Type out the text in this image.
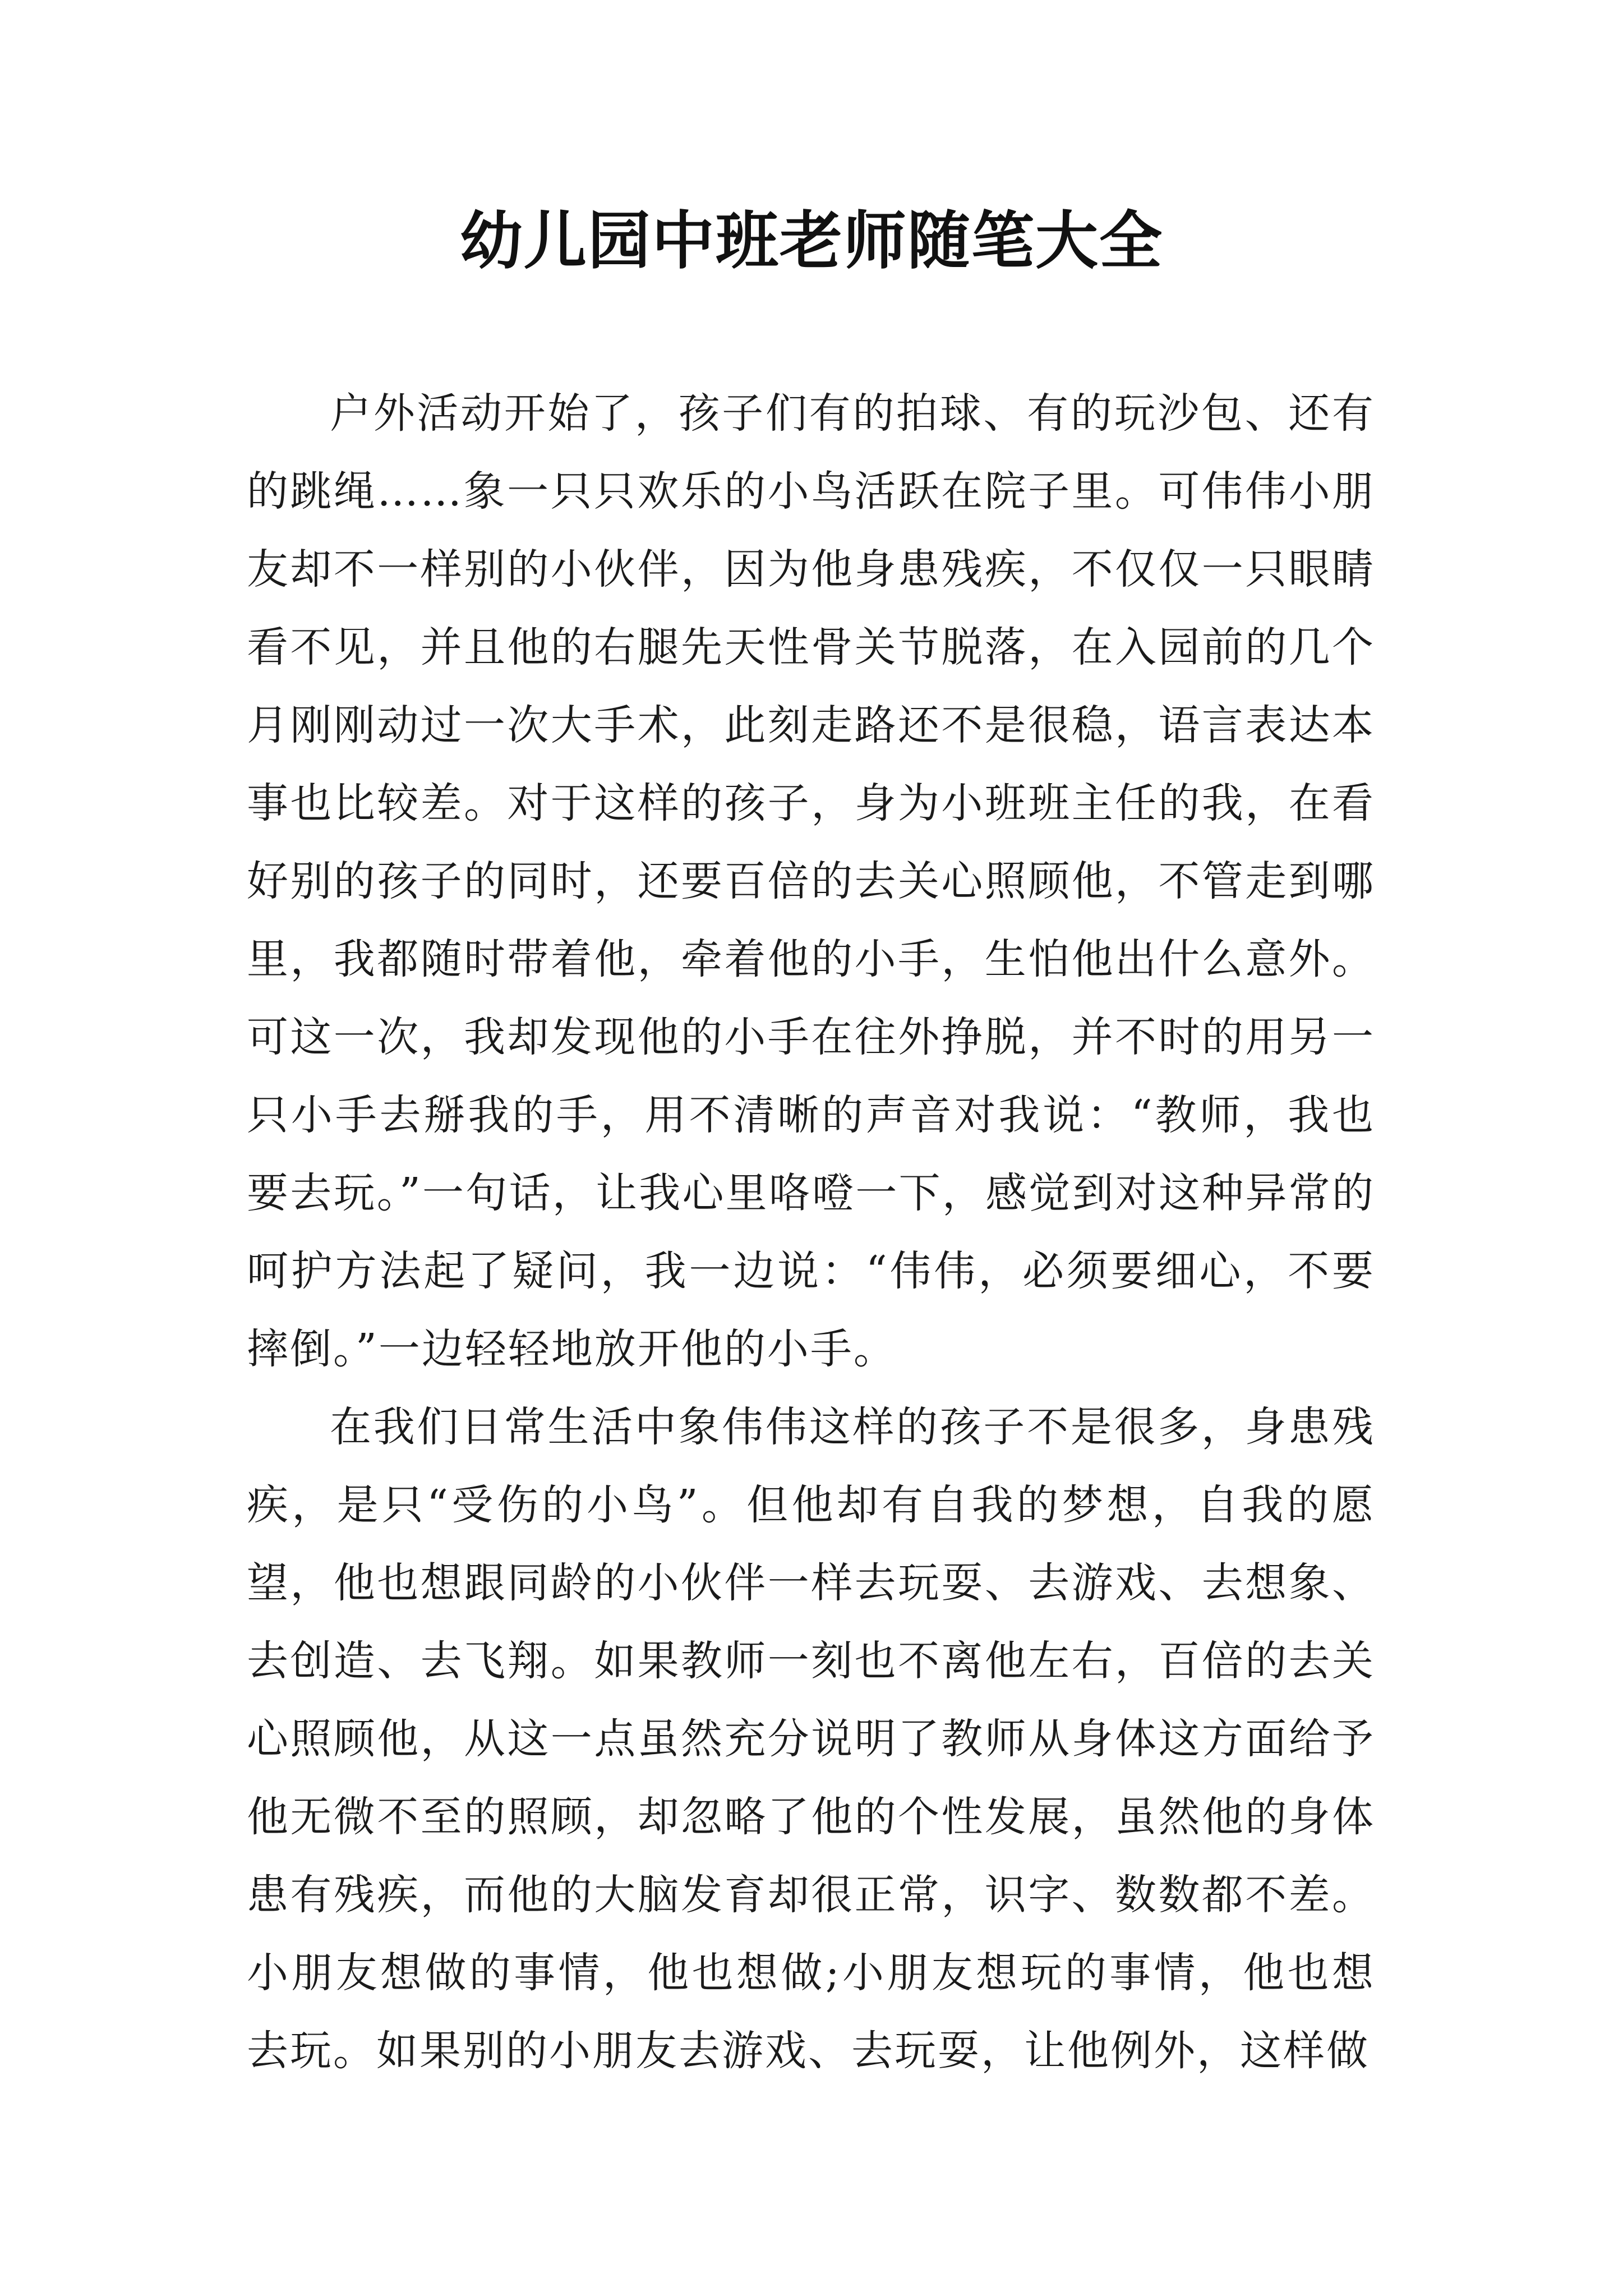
幼儿园中班老师随笔大全

户外活动开始了，孩子们有的拍球、有的玩沙包、还有的跳绳……象一只只欢乐的小鸟活跃在院子里。可伟伟小朋友却不一样别的小伙伴，因为他身患残疾，不仅仅一只眼睛看不见，并且他的右腿先天性骨关节脱落，在入园前的几个月刚刚动过一次大手术，此刻走路还不是很稳，语言表达本事也比较差。对于这样的孩子，身为小班班主任的我，在看好别的孩子的同时，还要百倍的去关心照顾他，不管走到哪里，我都随时带着他，牵着他的小手，生怕他出什么意外。可这一次，我却发现他的小手在往外挣脱，并不时的用另一只小手去掰我的手，用不清晰的声音对我说：“教师，我也要去玩。”一句话，让我心里咯噔一下，感觉到对这种异常的呵护方法起了疑问，我一边说：“伟伟，必须要细心，不要摔倒。”一边轻轻地放开他的小手。

在我们日常生活中象伟伟这样的孩子不是很多，身患残疾，是只“受伤的小鸟”。但他却有自我的梦想，自我的愿望，他也想跟同龄的小伙伴一样去玩耍、去游戏、去想象、去创造、去飞翔。如果教师一刻也不离他左右，百倍的去关心照顾他，从这一点虽然充分说明了教师从身体这方面给予他无微不至的照顾，却忽略了他的个性发展，虽然他的身体患有残疾，而他的大脑发育却很正常，识字、数数都不差。小朋友想做的事情，他也想做;小朋友想玩的事情，他也想去玩。如果别的小朋友去游戏、去玩耍，让他例外，这样做
